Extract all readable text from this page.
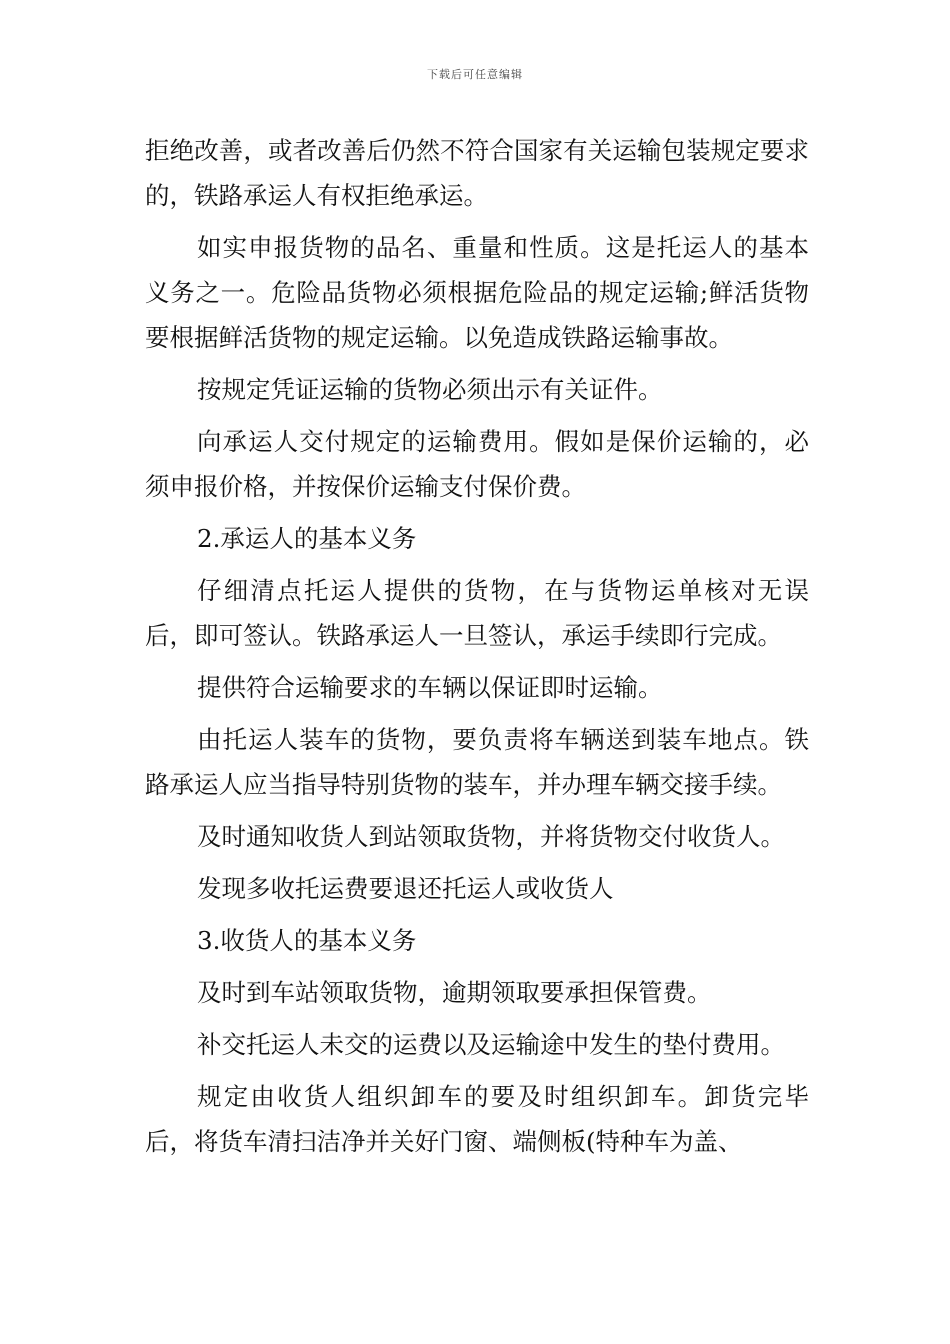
下载后可任意编辑

拒绝改善，或者改善后仍然不符合国家有关运输包装规定要求的，铁路承运人有权拒绝承运。

如实申报货物的品名、重量和性质。这是托运人的基本义务之一。危险品货物必须根据危险品的规定运输;鲜活货物要根据鲜活货物的规定运输。以免造成铁路运输事故。

按规定凭证运输的货物必须出示有关证件。

向承运人交付规定的运输费用。假如是保价运输的，必须申报价格，并按保价运输支付保价费。

2.承运人的基本义务

仔细清点托运人提供的货物，在与货物运单核对无误后，即可签认。铁路承运人一旦签认，承运手续即行完成。

提供符合运输要求的车辆以保证即时运输。

由托运人装车的货物，要负责将车辆送到装车地点。铁路承运人应当指导特别货物的装车，并办理车辆交接手续。

及时通知收货人到站领取货物，并将货物交付收货人。

发现多收托运费要退还托运人或收货人

3.收货人的基本义务

及时到车站领取货物，逾期领取要承担保管费。

补交托运人未交的运费以及运输途中发生的垫付费用。

规定由收货人组织卸车的要及时组织卸车。卸货完毕后，将货车清扫洁净并关好门窗、端侧板(特种车为盖、
